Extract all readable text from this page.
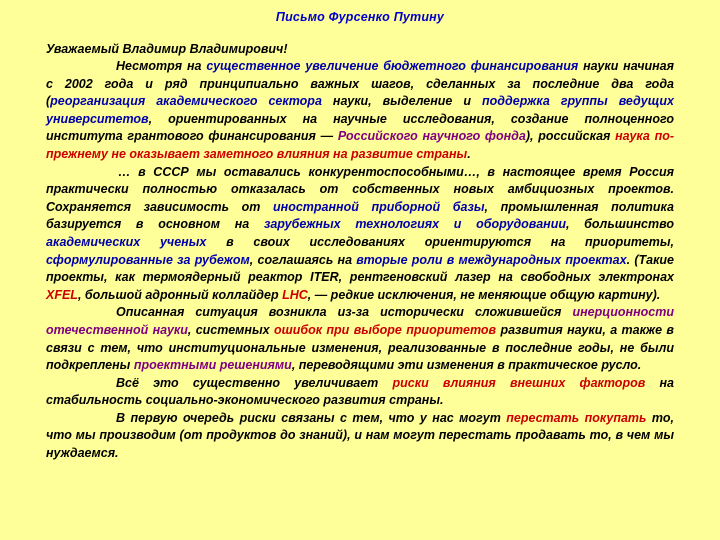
Письмо Фурсенко Путину
Уважаемый Владимир Владимирович!

Несмотря на существенное увеличение бюджетного финансирования науки начиная с 2002 года и ряд принципиально важных шагов, сделанных за последние два года (реорганизация академического сектора науки, выделение и поддержка группы ведущих университетов, ориентированных на научные исследования, создание полноценного института грантового финансирования — Российского научного фонда), российская наука по-прежнему не оказывает заметного влияния на развитие страны.

… в СССР мы оставались конкурентоспособными…, в настоящее время Россия практически полностью отказалась от собственных новых амбициозных проектов. Сохраняется зависимость от иностранной приборной базы, промышленная политика базируется в основном на зарубежных технологиях и оборудовании, большинство академических ученых в своих исследованиях ориентируются на приоритеты, сформулированные за рубежом, соглашаясь на вторые роли в международных проектах. (Такие проекты, как термоядерный реактор ITER, рентгеновский лазер на свободных электронах XFEL, большой адронный коллайдер LHC, — редкие исключения, не меняющие общую картину).

Описанная ситуация возникла из-за исторически сложившейся инерционности отечественной науки, системных ошибок при выборе приоритетов развития науки, а также в связи с тем, что институциональные изменения, реализованные в последние годы, не были подкреплены проектными решениями, переводящими эти изменения в практическое русло.

Всё это существенно увеличивает риски влияния внешних факторов на стабильность социально-экономического развития страны.

В первую очередь риски связаны с тем, что у нас могут перестать покупать то, что мы производим (от продуктов до знаний), и нам могут перестать продавать то, в чем мы нуждаемся.
